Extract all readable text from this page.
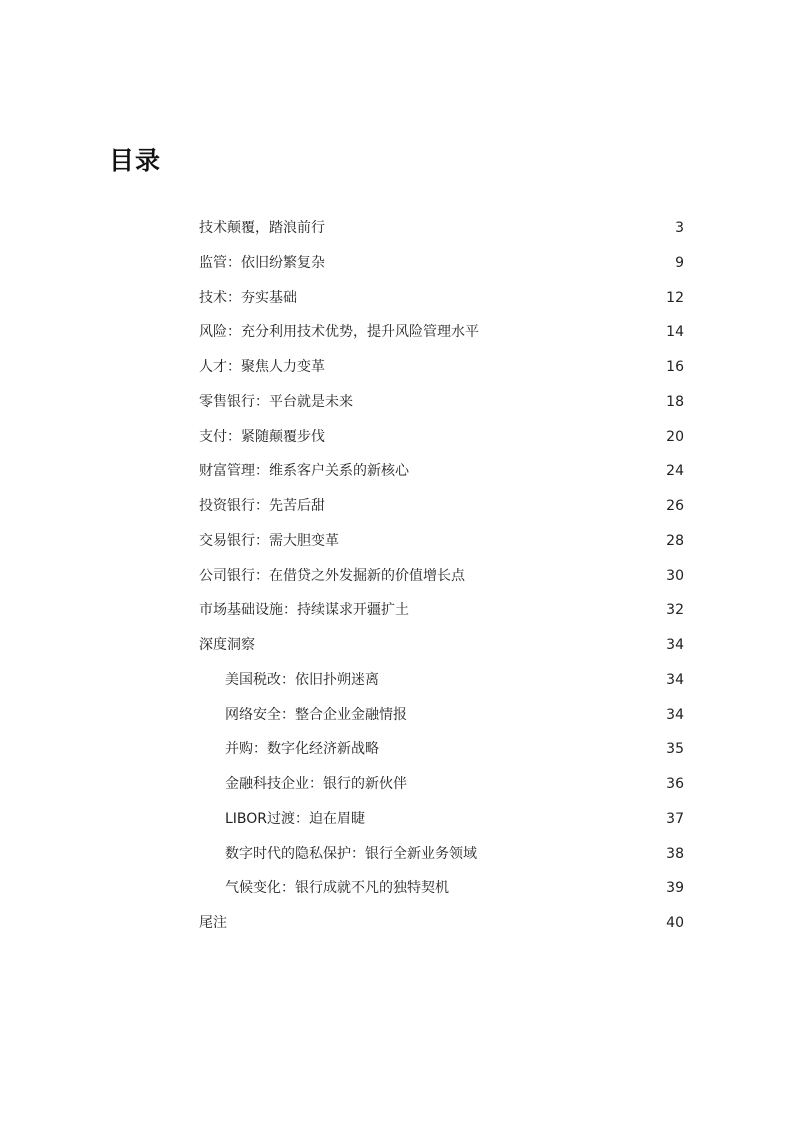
目录
技术颠覆，踏浪前行	3
监管：依旧纷繁复杂	9
技术：夯实基础	12
风险：充分利用技术优势，提升风险管理水平	14
人才：聚焦人力变革	16
零售银行：平台就是未来	18
支付：紧随颠覆步伐	20
财富管理：维系客户关系的新核心	24
投资银行：先苦后甜	26
交易银行：需大胆变革	28
公司银行：在借贷之外发掘新的价值增长点	30
市场基础设施：持续谋求开疆扩土	32
深度洞察	34
美国税改：依旧扑朔迷离	34
网络安全：整合企业金融情报	34
并购：数字化经济新战略	35
金融科技企业：银行的新伙伴	36
LIBOR过渡：迫在眉睫	37
数字时代的隐私保护：银行全新业务领域	38
气候变化：银行成就不凡的独特契机	39
尾注	40
